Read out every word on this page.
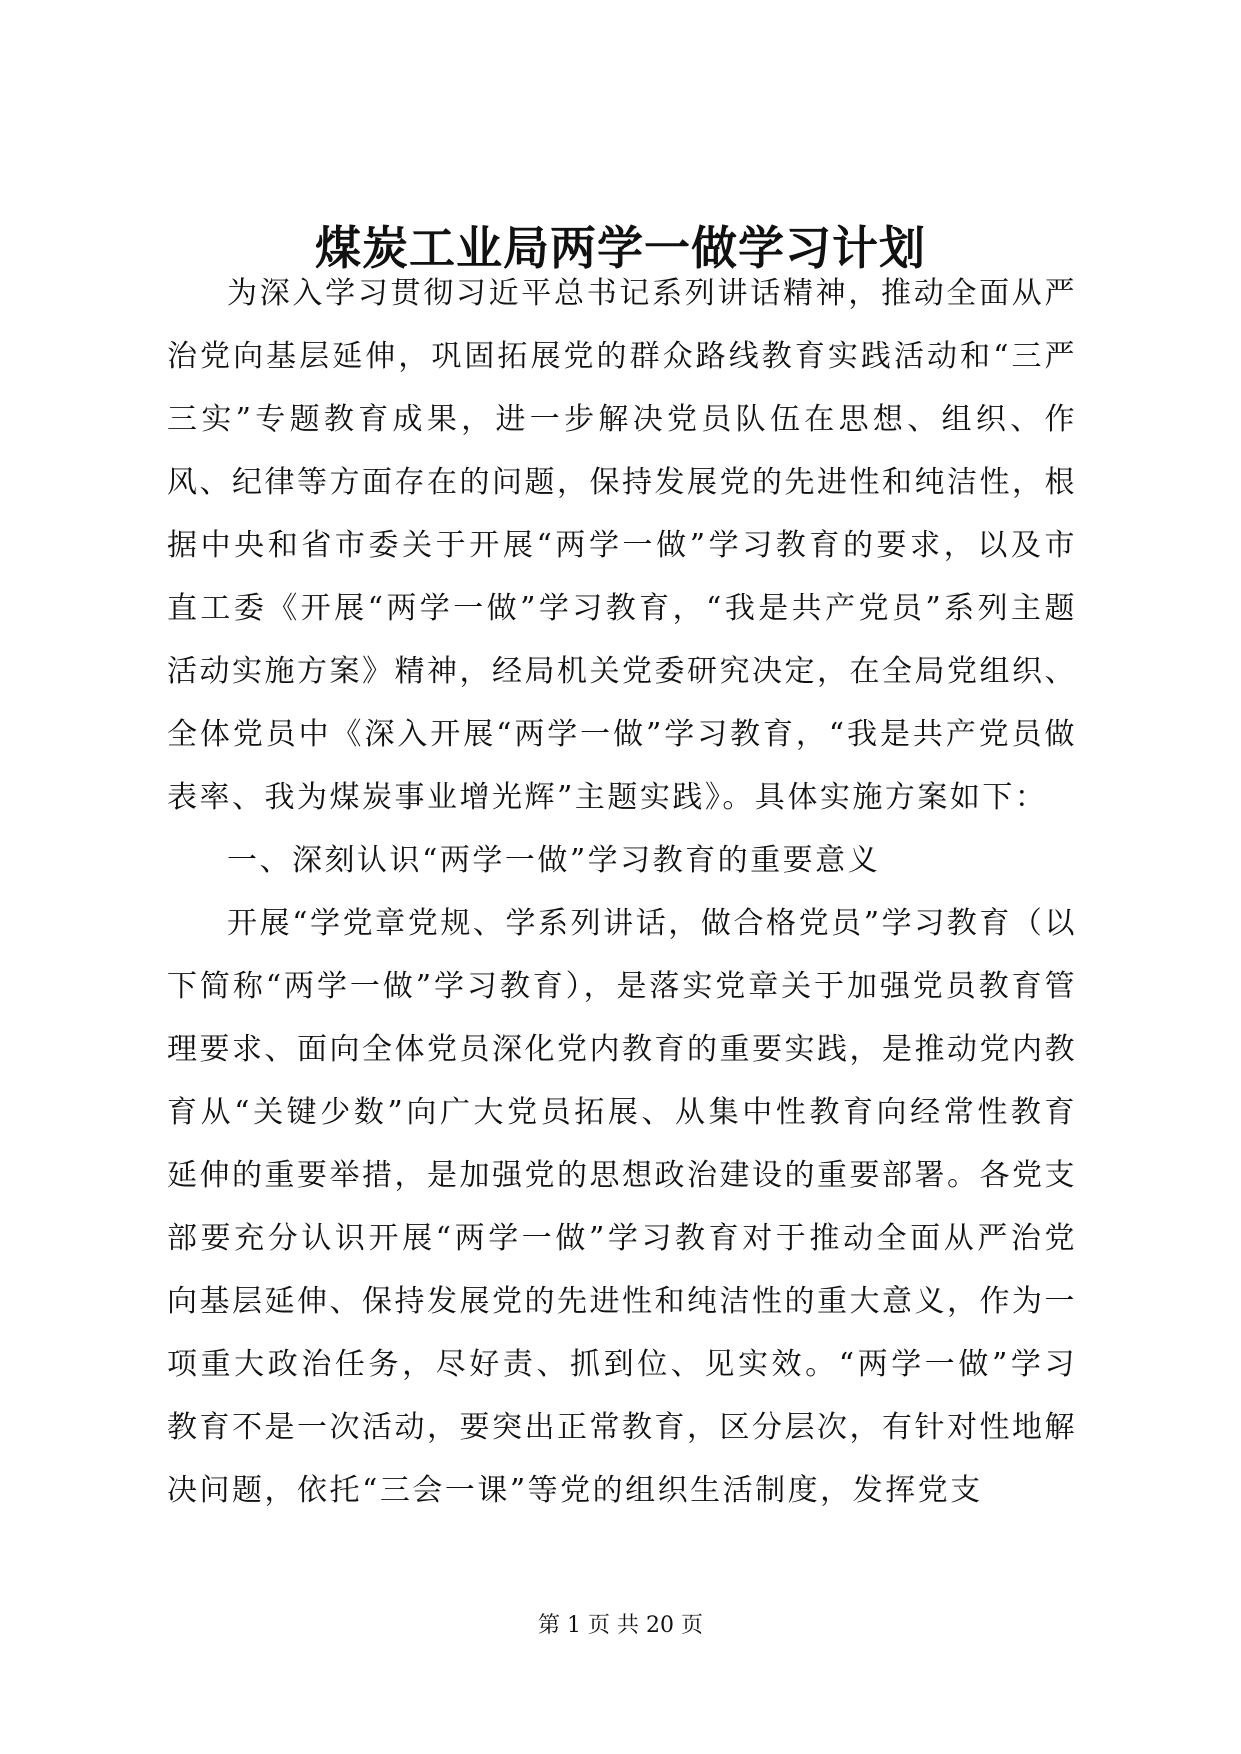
煤炭工业局两学一做学习计划

为深入学习贯彻习近平总书记系列讲话精神，推动全面从严治党向基层延伸，巩固拓展党的群众路线教育实践活动和“三严三实”专题教育成果，进一步解决党员队伍在思想、组织、作风、纪律等方面存在的问题，保持发展党的先进性和纯洁性，根据中央和省市委关于开展“两学一做”学习教育的要求，以及市直工委《开展“两学一做”学习教育，“我是共产党员”系列主题活动实施方案》精神，经局机关党委研究决定，在全局党组织、全体党员中《深入开展“两学一做”学习教育，“我是共产党员做表率、我为煤炭事业增光辉”主题实践》。具体实施方案如下：

一、深刻认识“两学一做”学习教育的重要意义

开展“学党章党规、学系列讲话，做合格党员”学习教育（以下简称“两学一做”学习教育），是落实党章关于加强党员教育管理要求、面向全体党员深化党内教育的重要实践，是推动党内教育从“关键少数”向广大党员拓展、从集中性教育向经常性教育延伸的重要举措，是加强党的思想政治建设的重要部署。各党支部要充分认识开展“两学一做”学习教育对于推动全面从严治党向基层延伸、保持发展党的先进性和纯洁性的重大意义，作为一项重大政治任务，尽好责、抓到位、见实效。“两学一做”学习教育不是一次活动，要突出正常教育，区分层次，有针对性地解决问题，依托“三会一课”等党的组织生活制度，发挥党支

第 1 页 共 20 页
